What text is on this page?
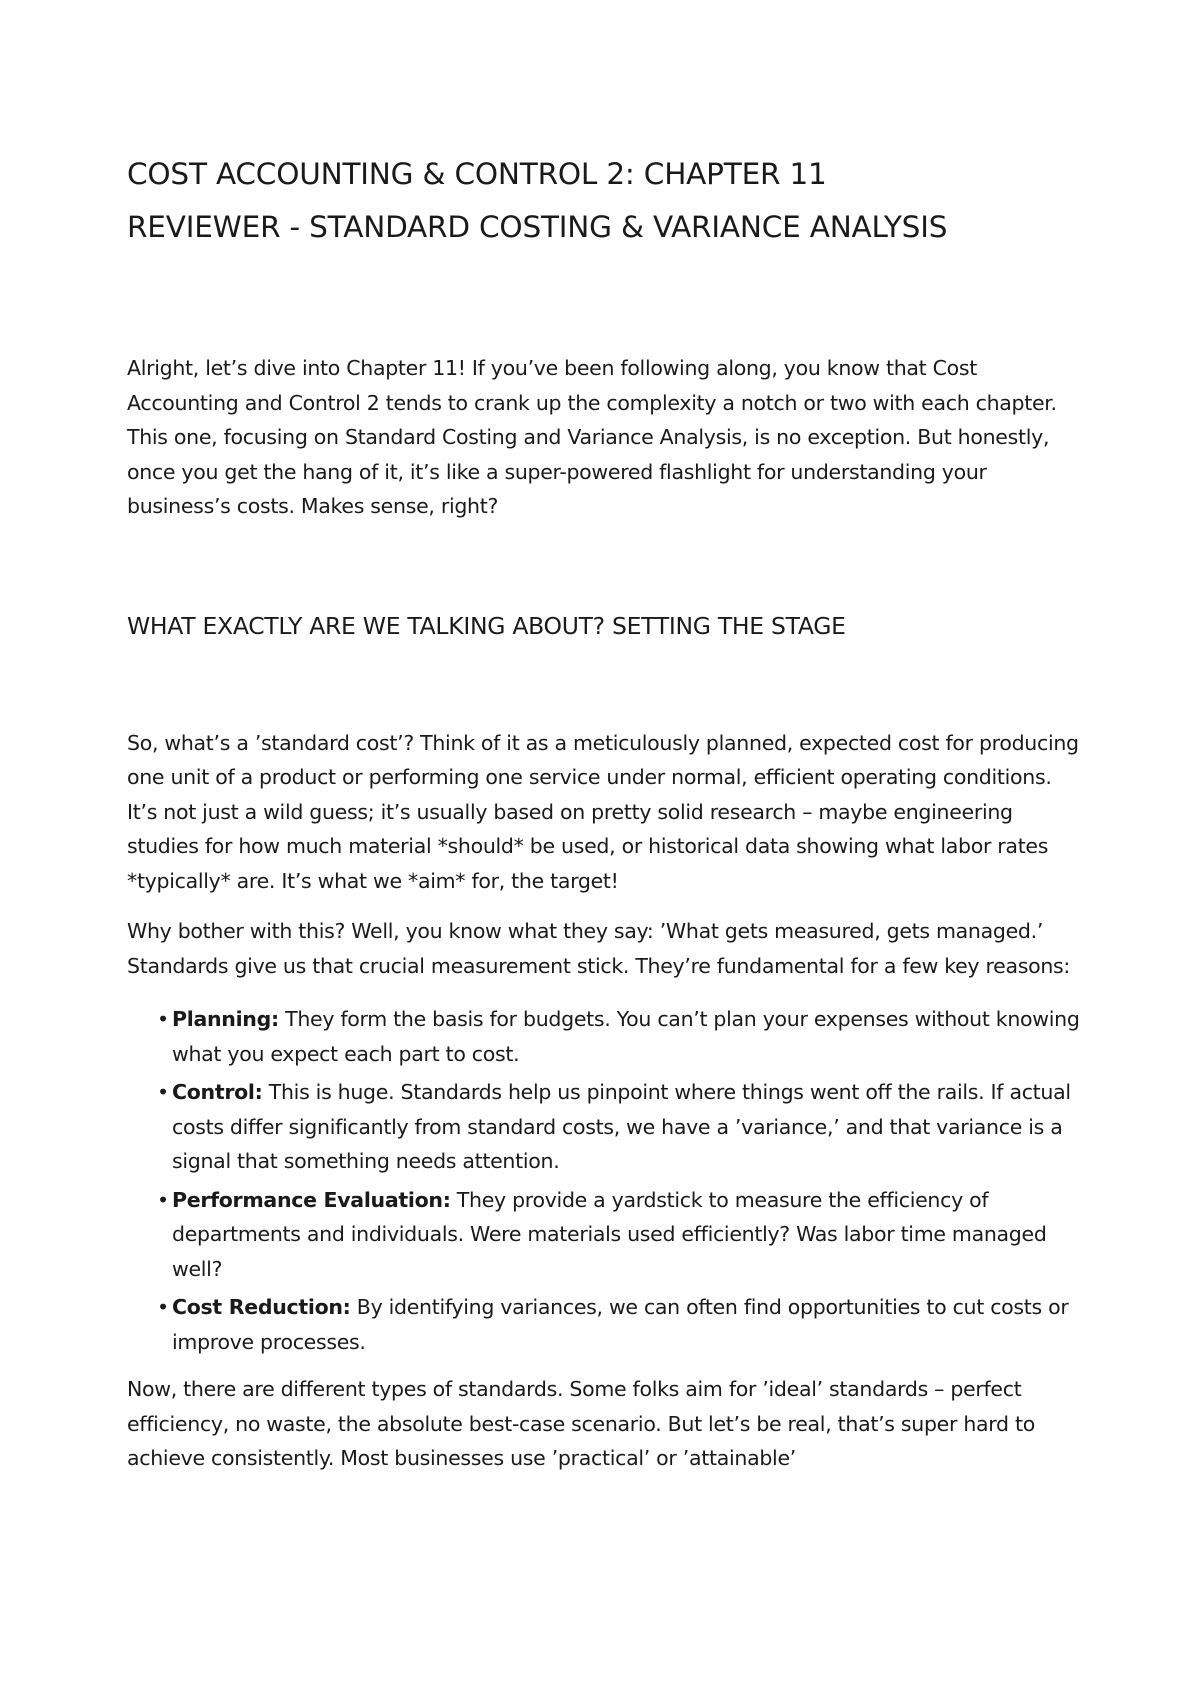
COST ACCOUNTING & CONTROL 2: CHAPTER 11
REVIEWER - STANDARD COSTING & VARIANCE ANALYSIS

Alright, let’s dive into Chapter 11! If you’ve been following along, you know that Cost Accounting and Control 2 tends to crank up the complexity a notch or two with each chapter. This one, focusing on Standard Costing and Variance Analysis, is no exception. But honestly, once you get the hang of it, it’s like a super-powered flashlight for understanding your business’s costs. Makes sense, right?

WHAT EXACTLY ARE WE TALKING ABOUT? SETTING THE STAGE

So, what’s a ’standard cost’? Think of it as a meticulously planned, expected cost for producing one unit of a product or performing one service under normal, efficient operating conditions. It’s not just a wild guess; it’s usually based on pretty solid research – maybe engineering studies for how much material *should* be used, or historical data showing what labor rates *typically* are. It’s what we *aim* for, the target!

Why bother with this? Well, you know what they say: ’What gets measured, gets managed.’ Standards give us that crucial measurement stick. They’re fundamental for a few key reasons:

• Planning: They form the basis for budgets. You can’t plan your expenses without knowing what you expect each part to cost.
• Control: This is huge. Standards help us pinpoint where things went off the rails. If actual costs differ significantly from standard costs, we have a ’variance,’ and that variance is a signal that something needs attention.
• Performance Evaluation: They provide a yardstick to measure the efficiency of departments and individuals. Were materials used efficiently? Was labor time managed well?
• Cost Reduction: By identifying variances, we can often find opportunities to cut costs or improve processes.

Now, there are different types of standards. Some folks aim for ’ideal’ standards – perfect efficiency, no waste, the absolute best-case scenario. But let’s be real, that’s super hard to achieve consistently. Most businesses use ’practical’ or ’attainable’
